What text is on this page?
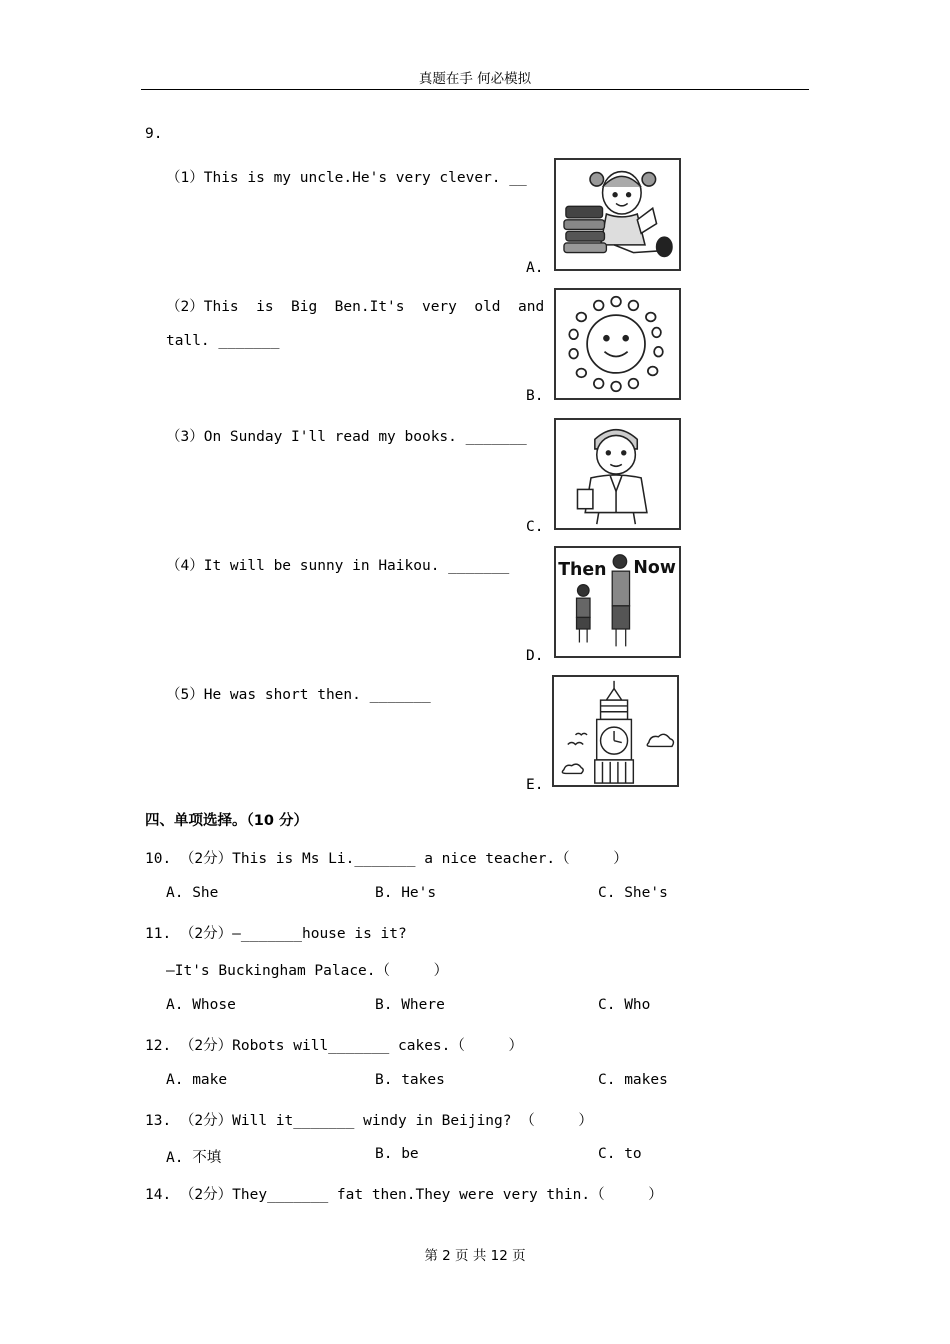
真题在手 何必模拟
9.
（1）This is my uncle.He's very clever. __
（2）This  is  Big  Ben.It's  very  old  and
tall. _______
（3）On Sunday I'll read my books. _______
（4）It will be sunny in Haikou. _______
（5）He was short then. _______
A.
B.
C.
D.
E.
Then Now
四、单项选择。（10 分）
10. （2分）This is Ms Li._______ a nice teacher.（     ）
A. She	B. He's	C. She's
11. （2分）—_______house is it?
—It's Buckingham Palace.（     ）
A. Whose	B. Where	C. Who
12. （2分）Robots will_______ cakes.（     ）
A. make	B. takes	C. makes
13. （2分）Will it_______ windy in Beijing? （     ）
A. 不填	B. be	C. to
14. （2分）They_______ fat then.They were very thin.（     ）
第 2 页 共 12 页
